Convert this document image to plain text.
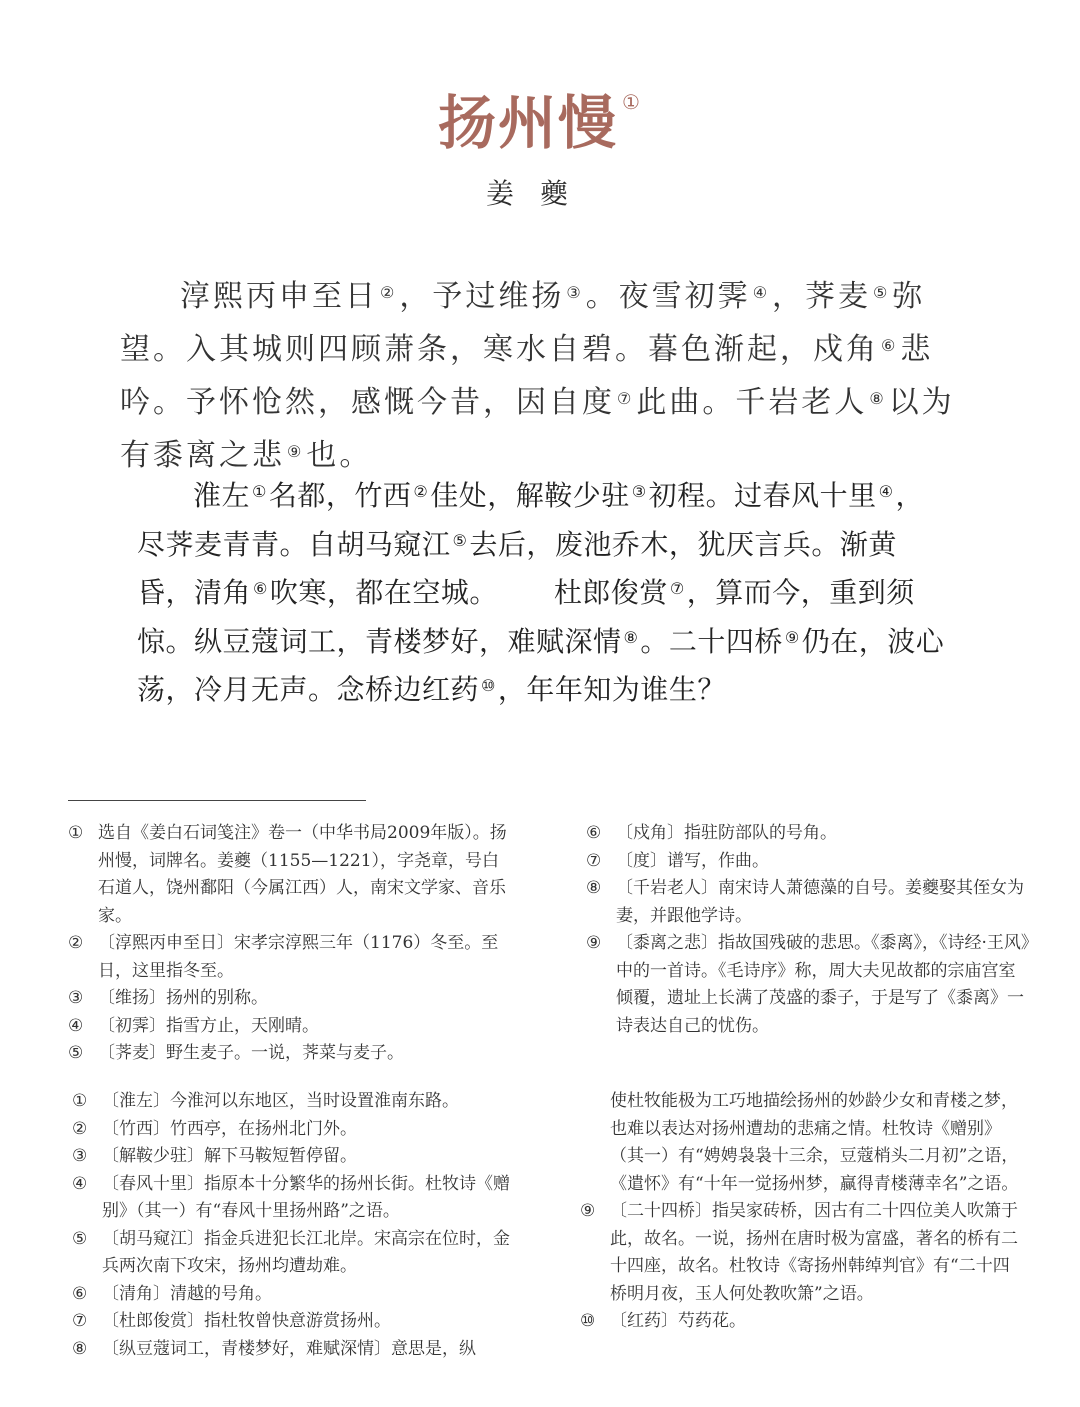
扬州慢 ①
姜夔

淳熙丙申至日 ②，予过维扬 ③。夜雪初霁 ④，荠麦 ⑤弥望。入其城则四顾萧条，寒水自碧。暮色渐起，戍角 ⑥悲吟。予怀怆然，感慨今昔，因自度 ⑦此曲。千岩老人 ⑧以为有黍离之悲 ⑨也。

淮左 ①名都，竹西 ②佳处，解鞍少驻 ③初程。过春风十里 ④，尽荠麦青青。自胡马窥江 ⑤去后，废池乔木，犹厌言兵。渐黄昏，清角 ⑥吹寒，都在空城。 杜郎俊赏 ⑦，算而今，重到须惊。纵豆蔻词工，青楼梦好，难赋深情 ⑧。二十四桥 ⑨仍在，波心荡，冷月无声。念桥边红药 ⑩，年年知为谁生？

① 选自《姜白石词笺注》卷一（中华书局2009年版）。扬州慢，词牌名。姜夔（1155—1221），字尧章，号白石道人，饶州鄱阳（今属江西）人，南宋文学家、音乐家。
② 〔淳熙丙申至日〕宋孝宗淳熙三年（1176）冬至。至日，这里指冬至。
③ 〔维扬〕扬州的别称。
④ 〔初霁〕指雪方止，天刚晴。
⑤ 〔荠麦〕野生麦子。一说，荠菜与麦子。
⑥ 〔戍角〕指驻防部队的号角。
⑦ 〔度〕谱写，作曲。
⑧ 〔千岩老人〕南宋诗人萧德藻的自号。姜夔娶其侄女为妻，并跟他学诗。
⑨ 〔黍离之悲〕指故国残破的悲思。《黍离》，《诗经·王风》中的一首诗。《毛诗序》称，周大夫见故都的宗庙宫室倾覆，遗址上长满了茂盛的黍子，于是写了《黍离》一诗表达自己的忧伤。
① 〔淮左〕今淮河以东地区，当时设置淮南东路。
② 〔竹西〕竹西亭，在扬州北门外。
③ 〔解鞍少驻〕解下马鞍短暂停留。
④ 〔春风十里〕指原本十分繁华的扬州长街。杜牧诗《赠别》（其一）有“春风十里扬州路”之语。
⑤ 〔胡马窥江〕指金兵进犯长江北岸。宋高宗在位时，金兵两次南下攻宋，扬州均遭劫难。
⑥ 〔清角〕清越的号角。
⑦ 〔杜郎俊赏〕指杜牧曾快意游赏扬州。
⑧ 〔纵豆蔻词工，青楼梦好，难赋深情〕意思是，纵
使杜牧能极为工巧地描绘扬州的妙龄少女和青楼之梦，也难以表达对扬州遭劫的悲痛之情。杜牧诗《赠别》（其一）有“娉娉袅袅十三余，豆蔻梢头二月初”之语，《遣怀》有“十年一觉扬州梦，赢得青楼薄幸名”之语。
⑨ 〔二十四桥〕指吴家砖桥，因古有二十四位美人吹箫于此，故名。一说，扬州在唐时极为富盛，著名的桥有二十四座，故名。杜牧诗《寄扬州韩绰判官》有“二十四桥明月夜，玉人何处教吹箫”之语。
⑩ 〔红药〕芍药花。
